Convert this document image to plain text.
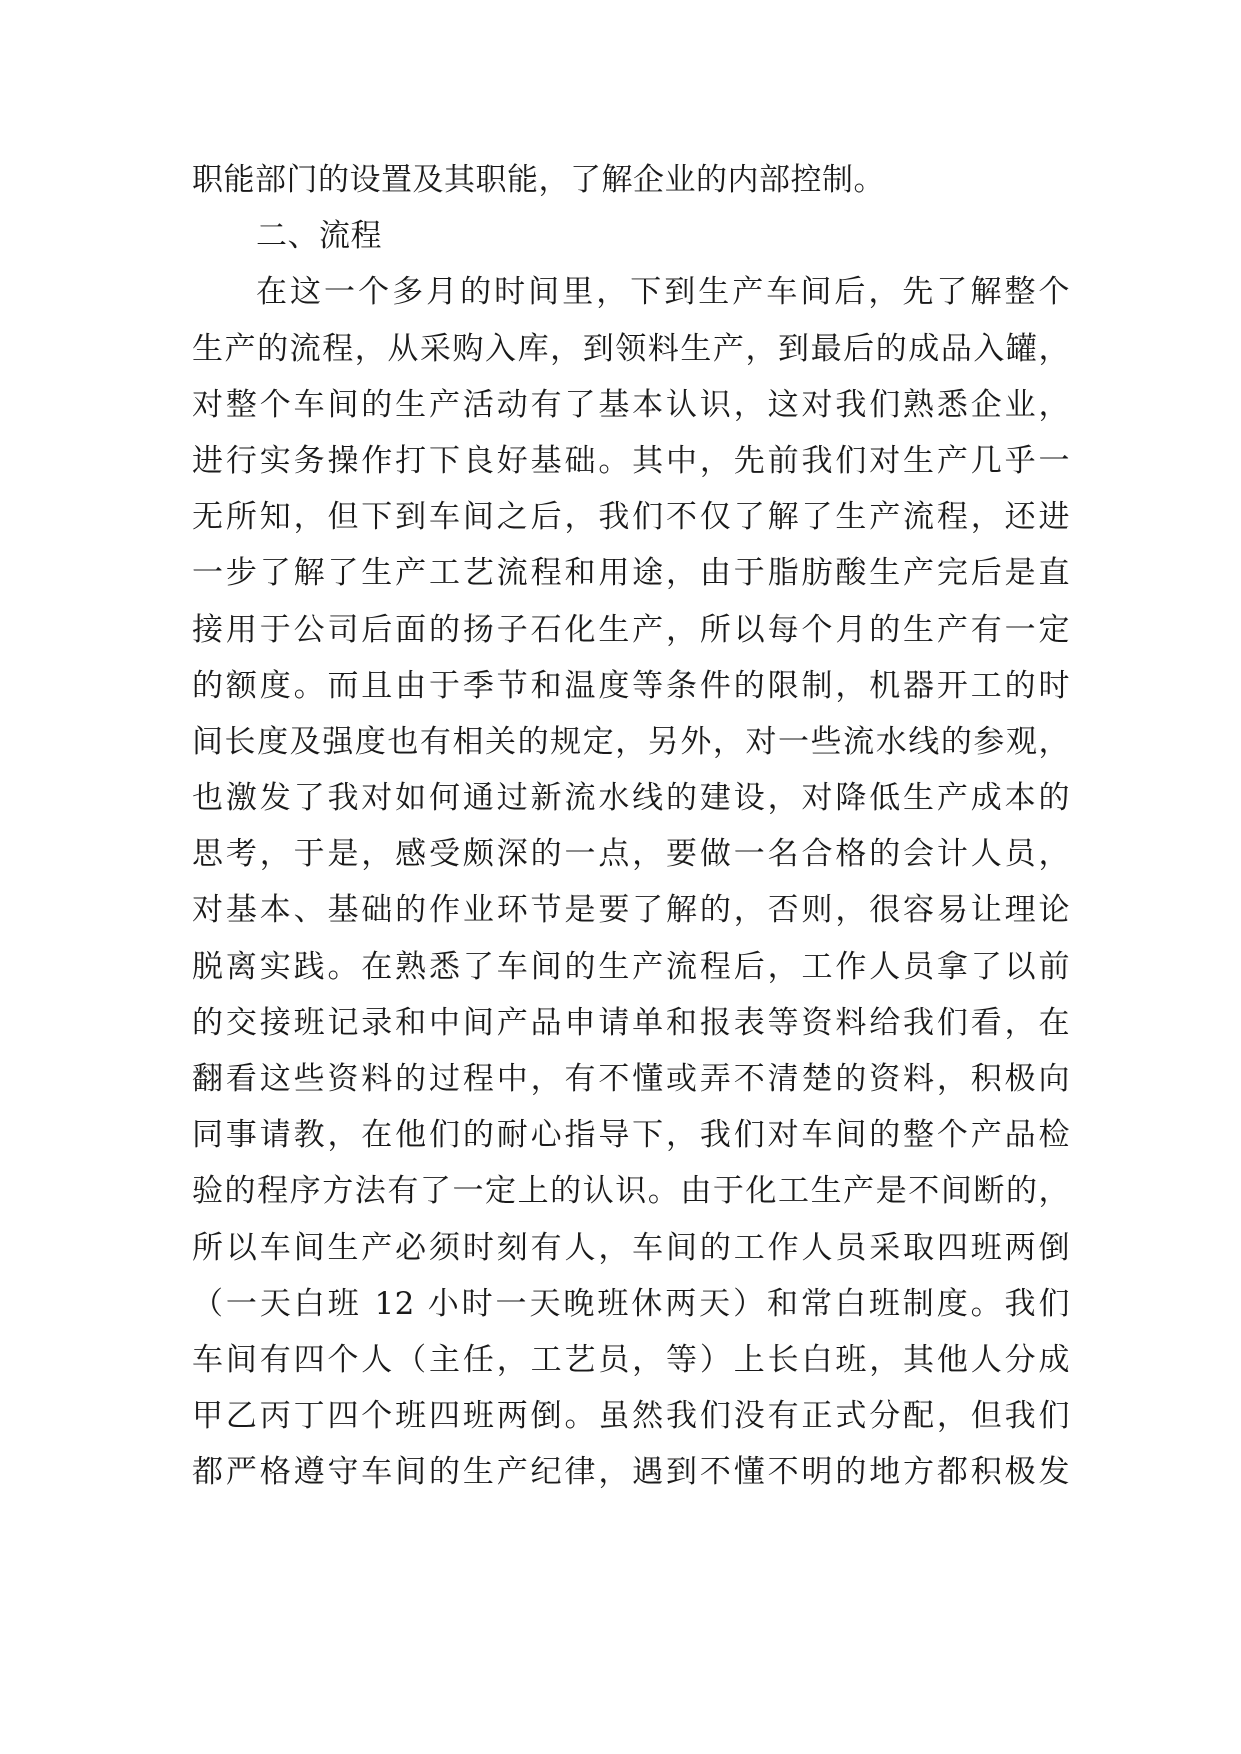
职能部门的设置及其职能，了解企业的内部控制。
二、流程
在这一个多月的时间里，下到生产车间后，先了解整个
生产的流程，从采购入库，到领料生产，到最后的成品入罐，
对整个车间的生产活动有了基本认识，这对我们熟悉企业，
进行实务操作打下良好基础。其中，先前我们对生产几乎一
无所知，但下到车间之后，我们不仅了解了生产流程，还进
一步了解了生产工艺流程和用途，由于脂肪酸生产完后是直
接用于公司后面的扬子石化生产，所以每个月的生产有一定
的额度。而且由于季节和温度等条件的限制，机器开工的时
间长度及强度也有相关的规定，另外，对一些流水线的参观，
也激发了我对如何通过新流水线的建设，对降低生产成本的
思考，于是，感受颇深的一点，要做一名合格的会计人员，
对基本、基础的作业环节是要了解的，否则，很容易让理论
脱离实践。在熟悉了车间的生产流程后，工作人员拿了以前
的交接班记录和中间产品申请单和报表等资料给我们看，在
翻看这些资料的过程中，有不懂或弄不清楚的资料，积极向
同事请教，在他们的耐心指导下，我们对车间的整个产品检
验的程序方法有了一定上的认识。由于化工生产是不间断的，
所以车间生产必须时刻有人，车间的工作人员采取四班两倒
（一天白班 12 小时一天晚班休两天）和常白班制度。我们
车间有四个人（主任，工艺员，等）上长白班，其他人分成
甲乙丙丁四个班四班两倒。虽然我们没有正式分配，但我们
都严格遵守车间的生产纪律，遇到不懂不明的地方都积极发
